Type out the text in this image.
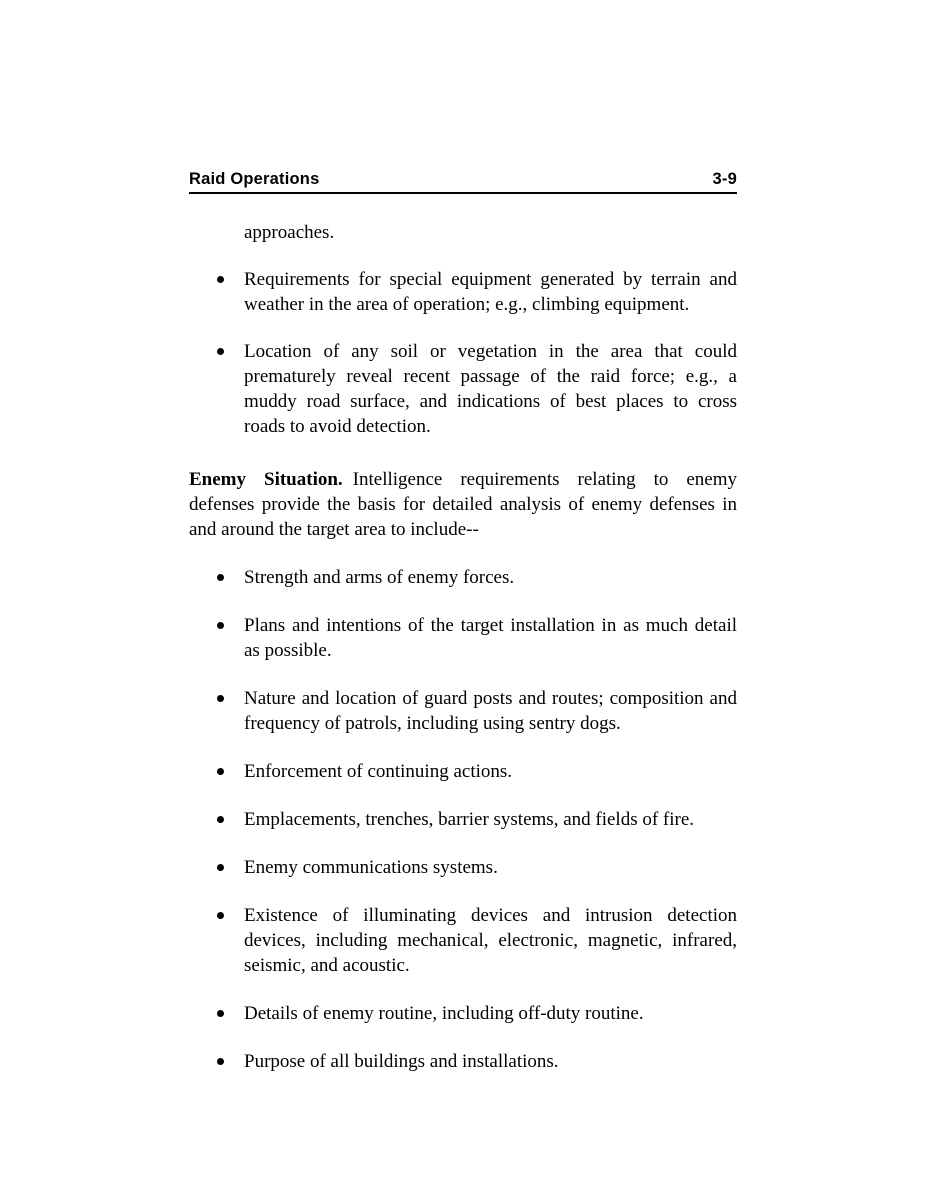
Raid Operations	3-9
approaches.
Requirements for special equipment generated by terrain and weather in the area of operation; e.g., climbing equipment.
Location of any soil or vegetation in the area that could prematurely reveal recent passage of the raid force; e.g., a muddy road surface, and indications of best places to cross roads to avoid detection.
Enemy Situation. Intelligence requirements relating to enemy defenses provide the basis for detailed analysis of enemy defenses in and around the target area to include--
Strength and arms of enemy forces.
Plans and intentions of the target installation in as much detail as possible.
Nature and location of guard posts and routes; composition and frequency of patrols, including using sentry dogs.
Enforcement of continuing actions.
Emplacements, trenches, barrier systems, and fields of fire.
Enemy communications systems.
Existence of illuminating devices and intrusion detection devices, including mechanical, electronic, magnetic, infrared, seismic, and acoustic.
Details of enemy routine, including off-duty routine.
Purpose of all buildings and installations.
